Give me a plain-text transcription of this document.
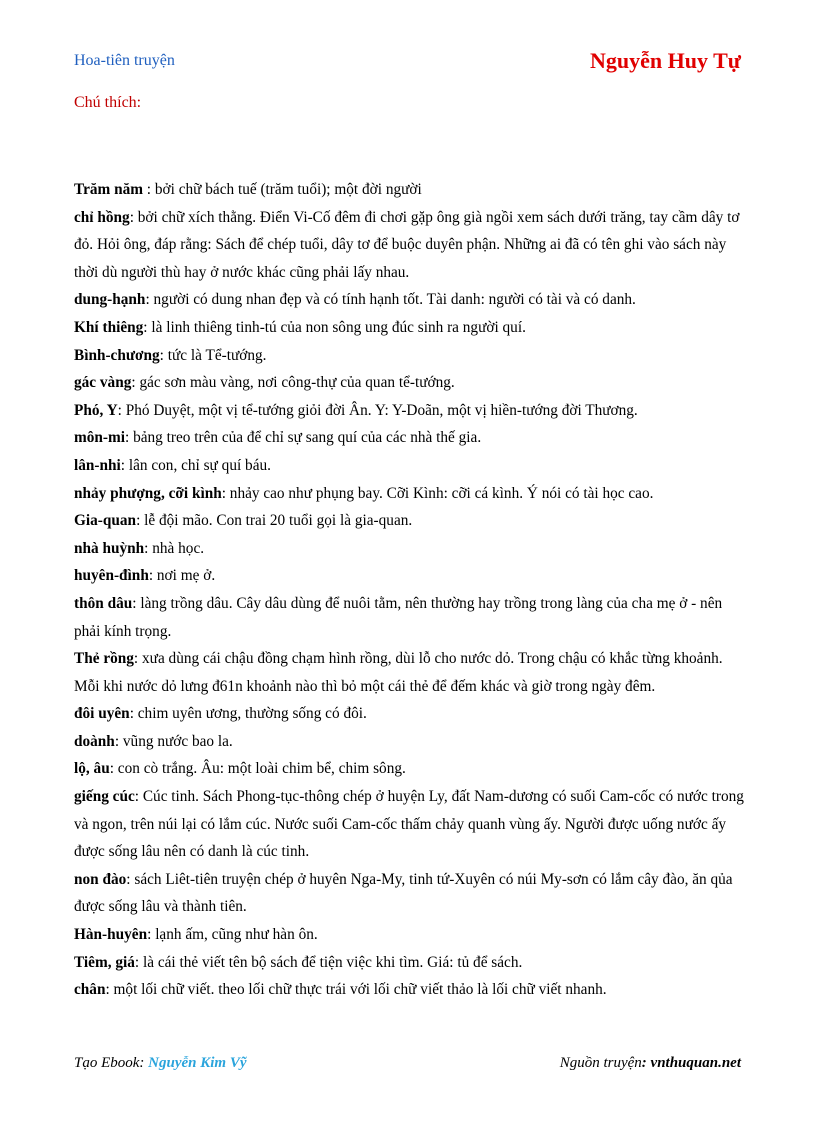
Hoa-tiên truyện	Nguyễn Huy Tự
Chú thích:

Trăm năm : bởi chữ bách tuế (trăm tuổi); một đời người

chỉ hồng: bởi chữ xích thằng. Điển Vi-Cố đêm đi chơi gặp ông già ngồi xem sách dưới trăng, tay cầm dây tơ đỏ. Hỏi ông, đáp rằng: Sách để chép tuổi, dây tơ để buộc duyên phận. Những ai đã có tên ghi vào sách này thời dù người thù hay ở nước khác cũng phải lấy nhau.

dung-hạnh: người có dung nhan đẹp và có tính hạnh tốt. Tài danh: người có tài và có danh.

Khí thiêng: là linh thiêng tinh-tú của non sông ung đúc sinh ra người quí.

Bình-chương: tức là Tể-tướng.

gác vàng: gác sơn màu vàng, nơi công-thự của quan tể-tướng.

Phó, Y: Phó Duyệt, một vị tể-tướng giỏi đời Ân. Y: Y-Doãn, một vị hiền-tướng đời Thương.

môn-mi: bảng treo trên của để chỉ sự sang quí của các nhà thế gia.

lân-nhi: lân con, chỉ sự quí báu.

nhảy phượng, cỡi kình: nhảy cao như phụng bay. Cỡi Kình: cỡi cá kình. Ý nói có tài học cao.

Gia-quan: lễ đội mão. Con trai 20 tuổi gọi là gia-quan.

nhà huỳnh: nhà học.

huyên-đình: nơi mẹ ở.

thôn dâu: làng trồng dâu. Cây dâu dùng để nuôi tằm, nên thường hay trồng trong làng của cha mẹ ở - nên phải kính trọng.

Thẻ rồng: xưa dùng cái chậu đồng chạm hình rồng, dùi lỗ cho nước dỏ. Trong chậu có khắc từng khoảnh. Mỗi khi nước dỏ lưng đ61n khoảnh nào thì bỏ một cái thẻ để đếm khác và giờ trong ngày đêm.

đôi uyên: chim uyên ương, thường sống có đôi.

doành: vũng nước bao la.

lộ, âu: con cò trắng. Âu: một loài chim bể, chim sông.

giếng cúc: Cúc tinh. Sách Phong-tục-thông chép ở huyện Ly, đất Nam-dương có suối Cam-cốc có nước trong và ngon, trên núi lại có lắm cúc. Nước suối Cam-cốc thấm chảy quanh vùng ấy. Người được uống nước ấy được sống lâu nên có danh là cúc tinh.

non đào: sách Liêt-tiên truyện chép ở huyên Nga-My, tinh tứ-Xuyên có núi My-sơn có lắm cây đào, ăn qủa được sống lâu và thành tiên.

Hàn-huyên: lạnh ấm, cũng như hàn ôn.

Tiêm, giá: là cái thẻ viết tên bộ sách để tiện việc khi tìm. Giá: tủ để sách.

chân: một lối chữ viết. theo lối chữ thực trái với lối chữ viết thảo là lối chữ viết nhanh.

Tạo Ebook: Nguyễn Kim Vỹ	Nguồn truyện: vnthuquan.net
